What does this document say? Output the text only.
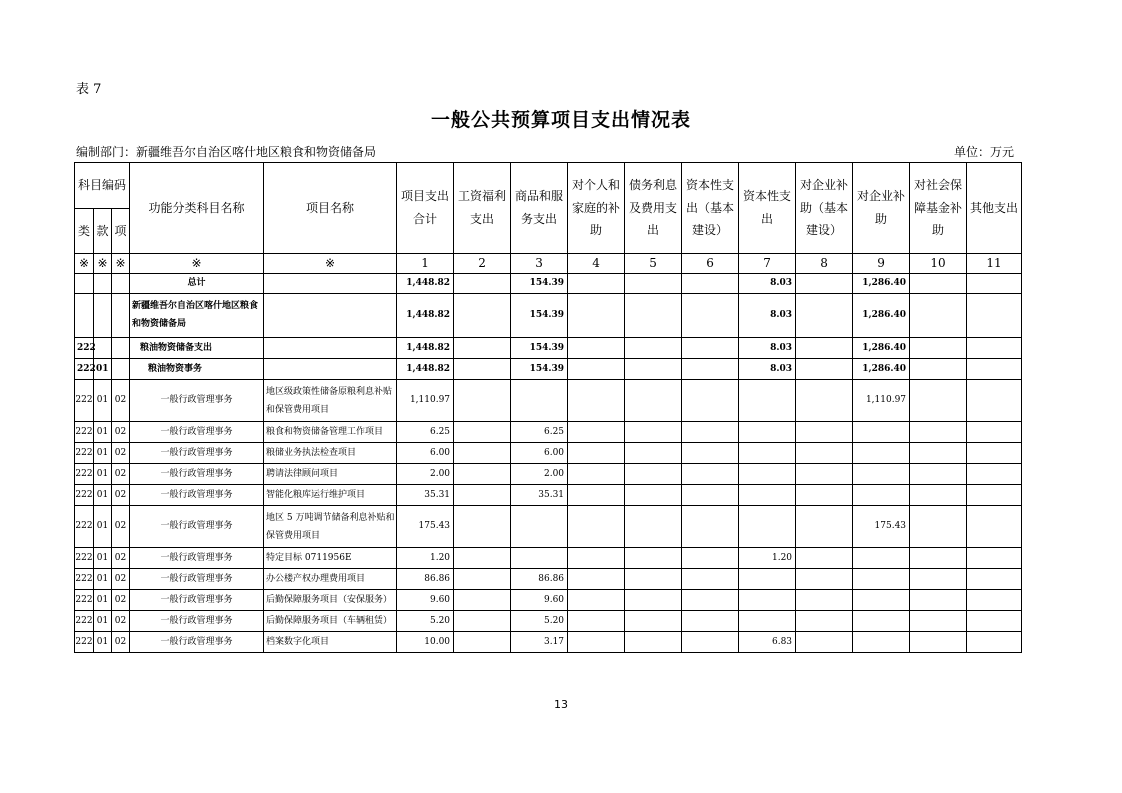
表 7
一般公共预算项目支出情况表
编制部门：新疆维吾尔自治区喀什地区粮食和物资储备局	单位：万元
科目编码			功能分类科目名称	项目名称	项目支出合计	工资福利支出	商品和服务支出	对个人和家庭的补助	债务利息及费用支出	资本性支出（基本建设）	资本性支出	对企业补助（基本建设）	对企业补助	对社会保障基金补助	其他支出
类	款	项													
※	※	※	※	※	1	2	3	4	5	6	7	8	9	10	11
			总计		1,448.82		154.39				8.03		1,286.40		
			新疆维吾尔自治区喀什地区粮食和物资储备局		1,448.82		154.39				8.03		1,286.40		
222			粮油物资储备支出		1,448.82		154.39				8.03		1,286.40		
222	01		粮油物资事务		1,448.82		154.39				8.03		1,286.40		
222	01	02	一般行政管理事务	地区级政策性储备原粮利息补贴和保管费用项目	1,110.97								1,110.97		
222	01	02	一般行政管理事务	粮食和物资储备管理工作项目	6.25		6.25								
222	01	02	一般行政管理事务	粮储业务执法检查项目	6.00		6.00								
222	01	02	一般行政管理事务	聘请法律顾问项目	2.00		2.00								
222	01	02	一般行政管理事务	智能化粮库运行维护项目	35.31		35.31								
222	01	02	一般行政管理事务	地区 5 万吨调节储备利息补贴和保管费用项目	175.43								175.43		
222	01	02	一般行政管理事务	特定目标 0711956E	1.20						1.20				
222	01	02	一般行政管理事务	办公楼产权办理费用项目	86.86		86.86								
222	01	02	一般行政管理事务	后勤保障服务项目（安保服务）	9.60		9.60								
222	01	02	一般行政管理事务	后勤保障服务项目（车辆租赁）	5.20		5.20								
222	01	02	一般行政管理事务	档案数字化项目	10.00		3.17				6.83				
13
